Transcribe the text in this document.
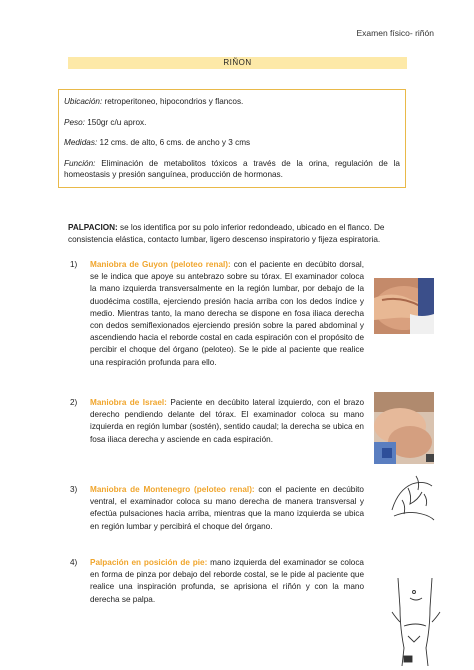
Examen físico- riñón
RIÑON

Ubicación: retroperitoneo, hipocondrios y flancos.

Peso: 150gr c/u aprox.

Medidas: 12 cms. de alto, 6 cms. de ancho y 3 cms

Función: Eliminación de metabolitos tóxicos a través de la orina, regulación de la homeostasis y presión sanguínea, producción de hormonas.

PALPACION: se los identifica por su polo inferior redondeado, ubicado en el flanco. De consistencia elástica, contacto lumbar, ligero descenso inspiratorio y fijeza espiratoria.
1) Maniobra de Guyon (peloteo renal): con el paciente en decúbito dorsal, se le indica que apoye su antebrazo sobre su tórax. El examinador coloca la mano izquierda transversalmente en la región lumbar, por debajo de la duodécima costilla, ejerciendo presión hacia arriba con los dedos índice y medio. Mientras tanto, la mano derecha se dispone en fosa iliaca derecha con dedos semiflexionados ejerciendo presión sobre la pared abdominal y ascendiendo hacia el reborde costal en cada espiración con el propósito de percibir el choque del órgano (peloteo). Se le pide al paciente que realice una respiración profunda para ello.
2) Maniobra de Israel: Paciente en decúbito lateral izquierdo, con el brazo derecho pendiendo delante del tórax. El examinador coloca su mano izquierda en región lumbar (sostén), sentido caudal; la derecha se ubica en fosa iliaca derecha y asciende en cada espiración.
3) Maniobra de Montenegro (peloteo renal): con el paciente en decúbito ventral, el examinador coloca su mano derecha de manera transversal y efectúa pulsaciones hacia arriba, mientras que la mano izquierda se ubica en región lumbar y percibirá el choque del órgano.
4) Palpación en posición de pie: mano izquierda del examinador se coloca en forma de pinza por debajo del reborde costal, se le pide al paciente que realice una inspiración profunda, se aprisiona el riñón y con la mano derecha se palpa.
